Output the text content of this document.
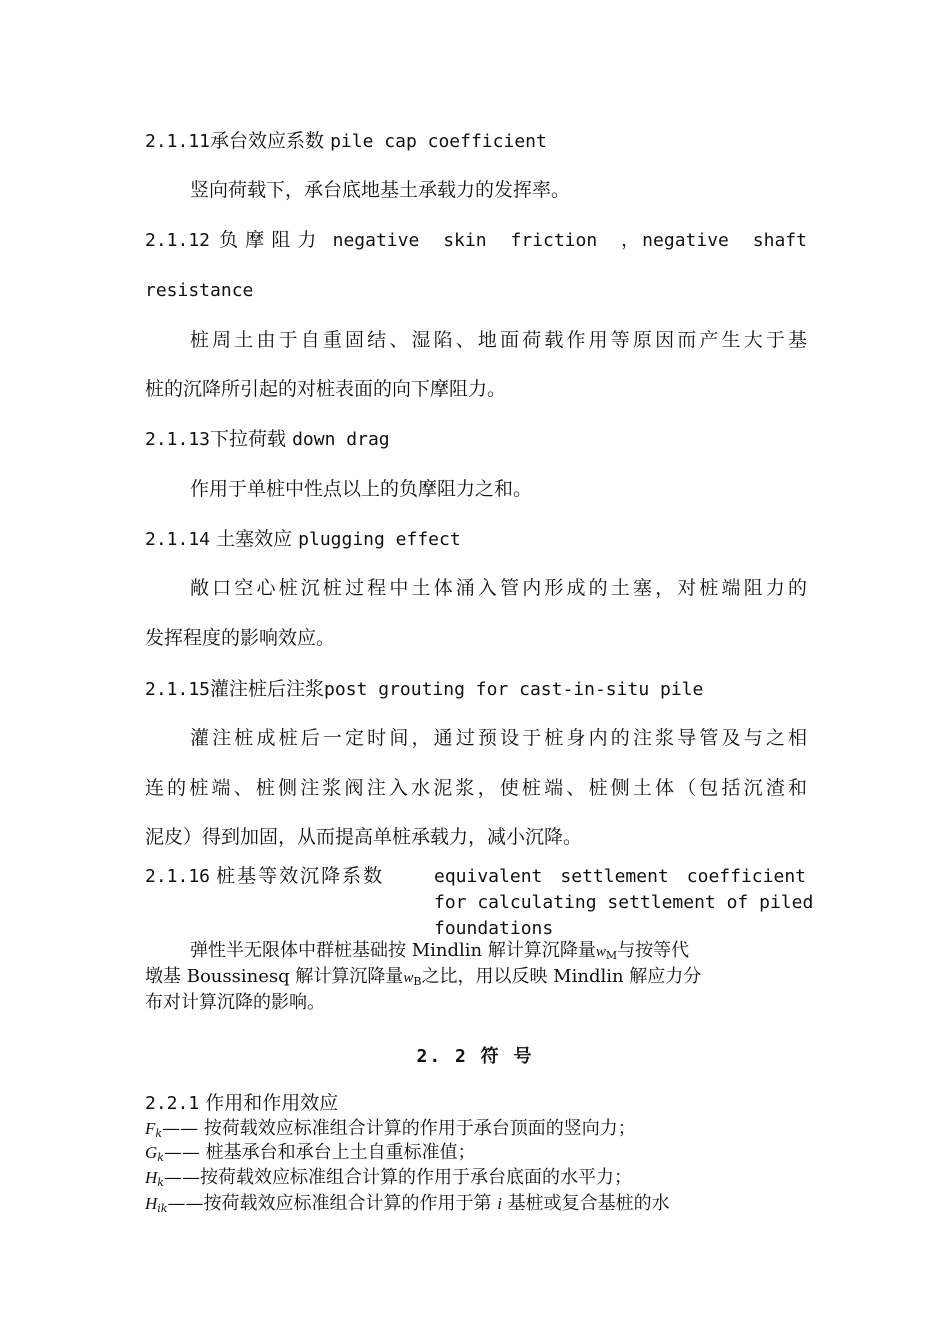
2.1.11承台效应系数 pile cap coefficient
竖向荷载下，承台底地基土承载力的发挥率。
2.1.12 负摩阻力 negative skin friction ，negative shaft
resistance
桩周土由于自重固结、湿陷、地面荷载作用等原因而产生大于基
桩的沉降所引起的对桩表面的向下摩阻力。
2.1.13下拉荷载 down drag
作用于单桩中性点以上的负摩阻力之和。
2.1.14 土塞效应 plugging effect
敞口空心桩沉桩过程中土体涌入管内形成的土塞，对桩端阻力的
发挥程度的影响效应。
2.1.15灌注桩后注浆post grouting for cast-in-situ pile
灌注桩成桩后一定时间，通过预设于桩身内的注浆导管及与之相
连的桩端、桩侧注浆阀注入水泥浆，使桩端、桩侧土体（包括沉渣和
泥皮）得到加固，从而提高单桩承载力，减小沉降。
2.1.16 桩基等效沉降系数	equivalent settlement coefficient
for calculating settlement of piled
foundations
弹性半无限体中群桩基础按 Mindlin 解计算沉降量wM与按等代
墩基 Boussinesq 解计算沉降量wB之比，用以反映 Mindlin 解应力分
布对计算沉降的影响。
2. 2 符 号
2.2.1 作用和作用效应
$F_k——$ 按荷载效应标准组合计算的作用于承台顶面的竖向力；
$G_k——$ 桩基承台和承台上土自重标准值；
$H_k——$按荷载效应标准组合计算的作用于承台底面的水平力；
$H_{ik}——$按荷载效应标准组合计算的作用于第 i 基桩或复合基桩的水
